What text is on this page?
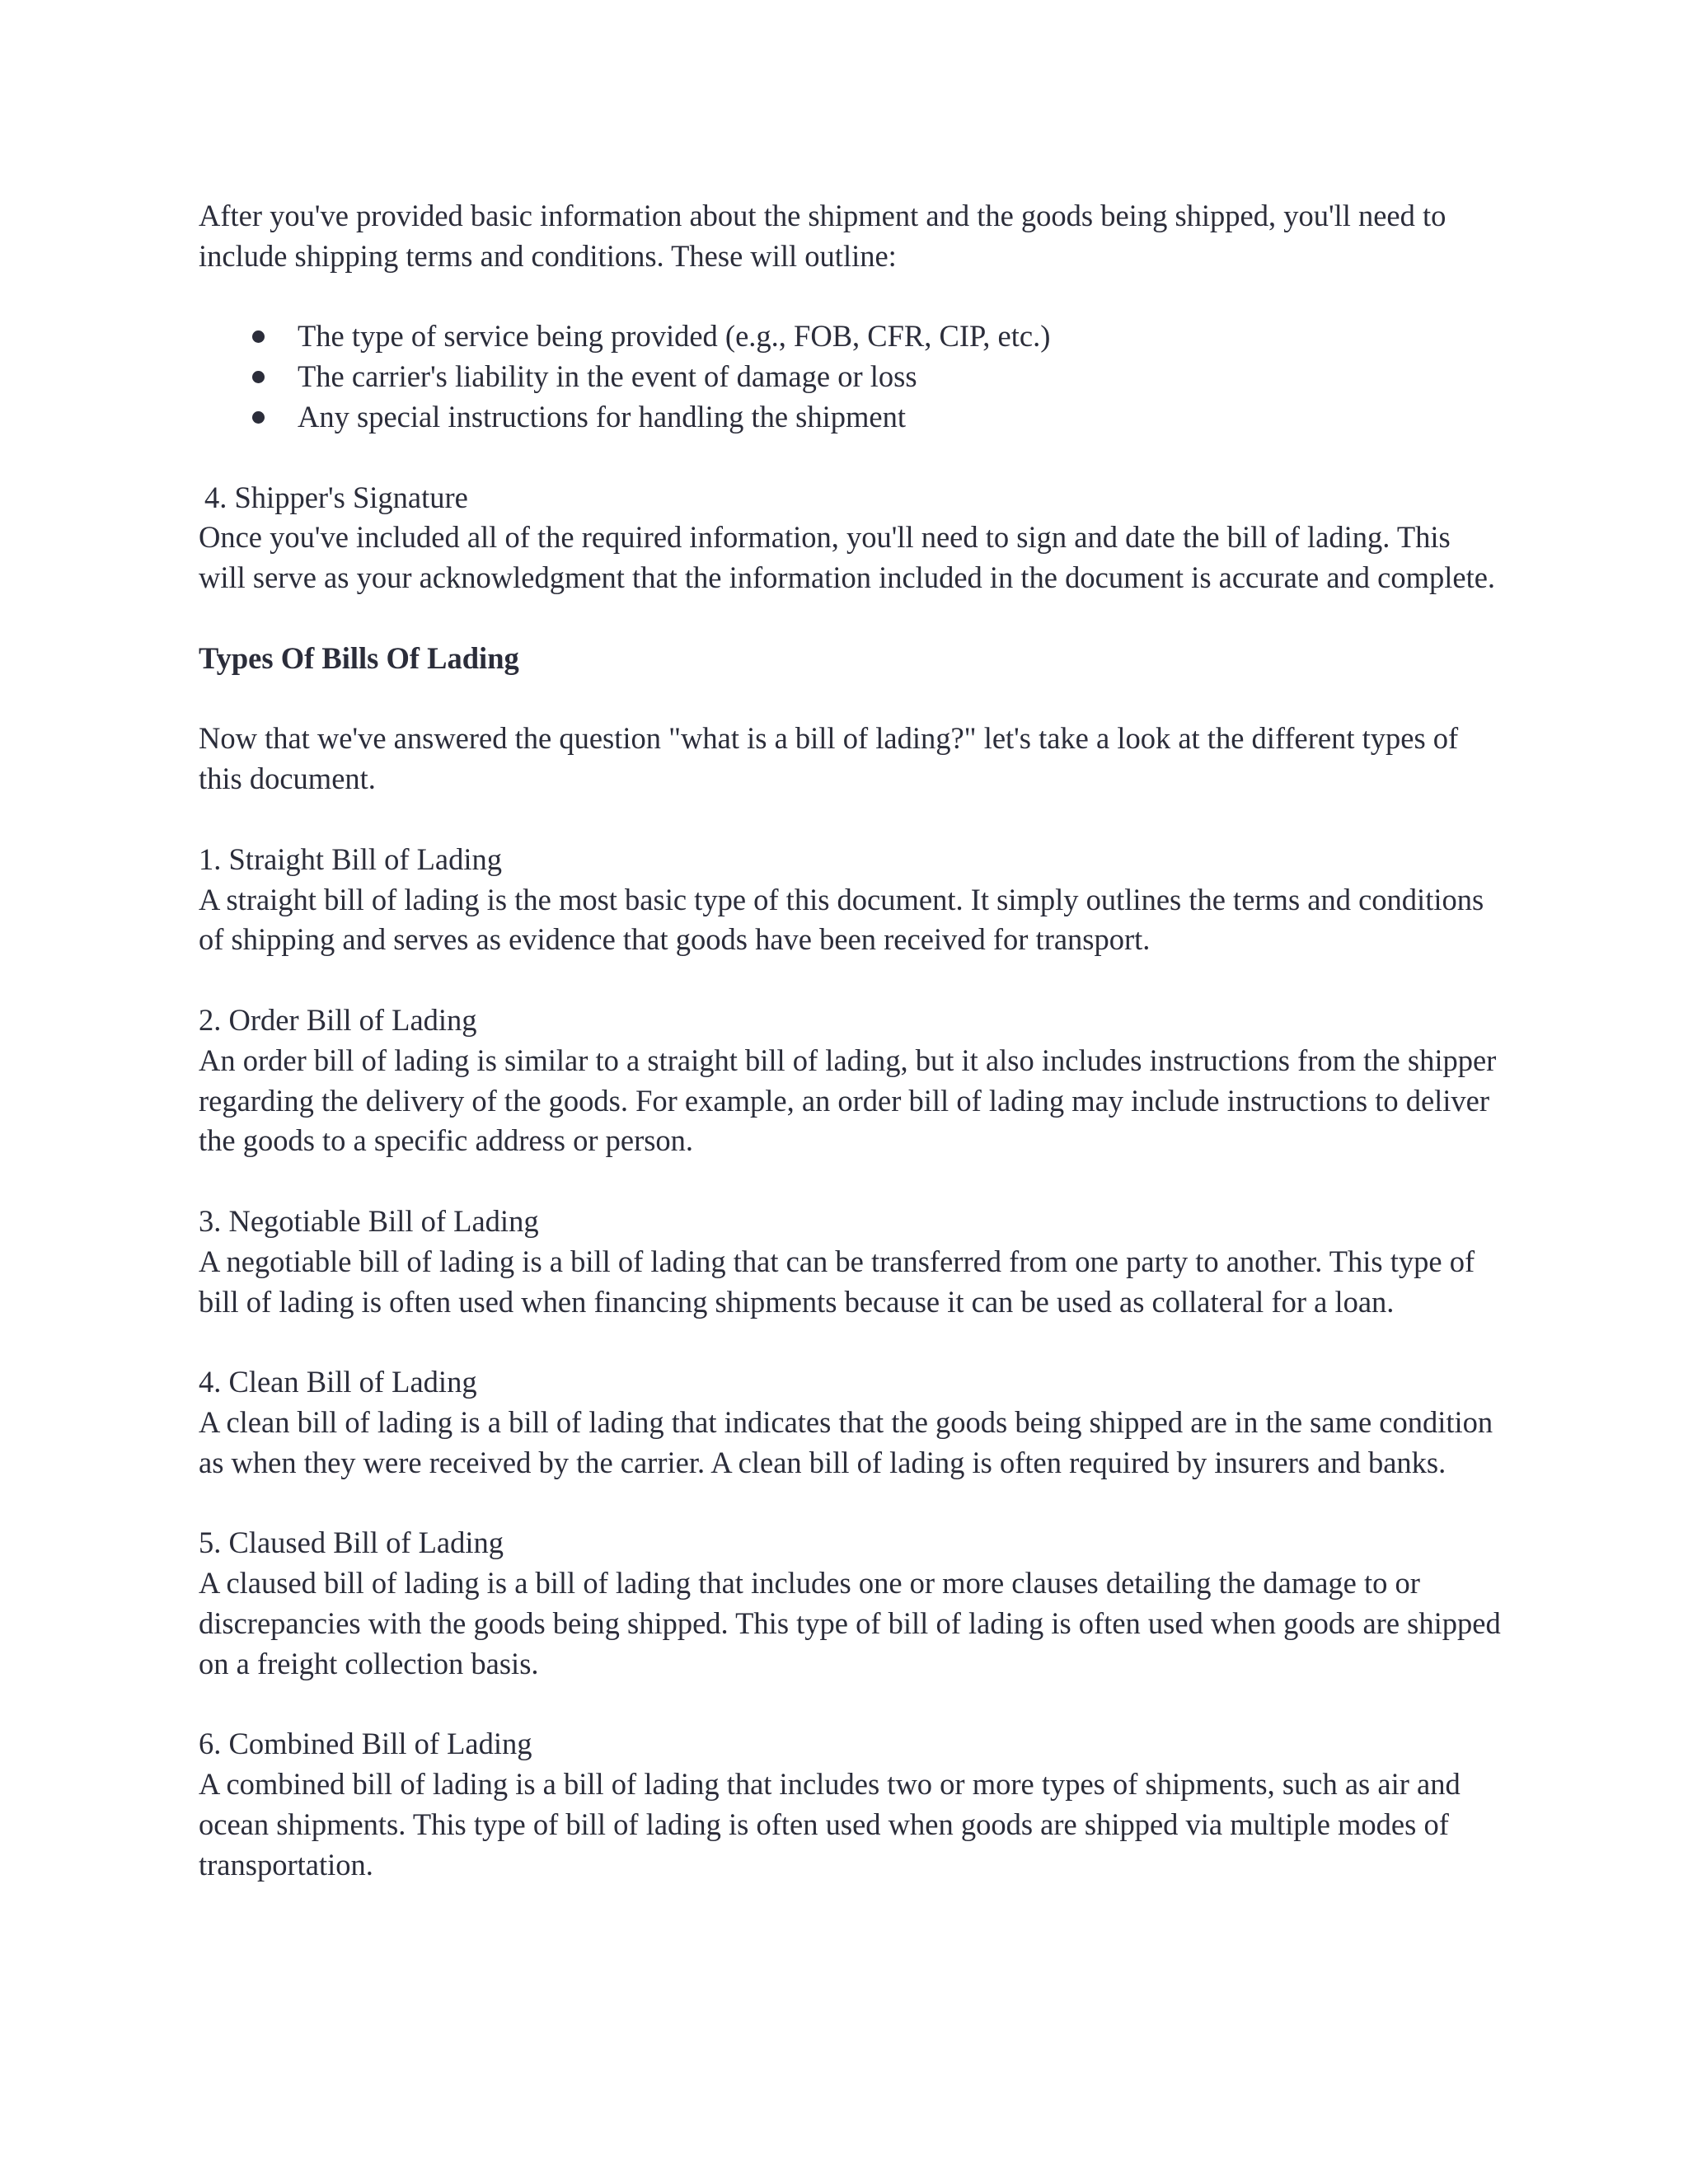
After you've provided basic information about the shipment and the goods being shipped, you'll need to include shipping terms and conditions. These will outline:

The type of service being provided (e.g., FOB, CFR, CIP, etc.)
The carrier's liability in the event of damage or loss
Any special instructions for handling the shipment
4. Shipper's Signature
Once you've included all of the required information, you'll need to sign and date the bill of lading. This will serve as your acknowledgment that the information included in the document is accurate and complete.

Types Of Bills Of Lading

Now that we've answered the question "what is a bill of lading?" let's take a look at the different types of this document.

1. Straight Bill of Lading
A straight bill of lading is the most basic type of this document. It simply outlines the terms and conditions of shipping and serves as evidence that goods have been received for transport.
2. Order Bill of Lading
An order bill of lading is similar to a straight bill of lading, but it also includes instructions from the shipper regarding the delivery of the goods. For example, an order bill of lading may include instructions to deliver the goods to a specific address or person.
3. Negotiable Bill of Lading
A negotiable bill of lading is a bill of lading that can be transferred from one party to another. This type of bill of lading is often used when financing shipments because it can be used as collateral for a loan.
4. Clean Bill of Lading
A clean bill of lading is a bill of lading that indicates that the goods being shipped are in the same condition as when they were received by the carrier. A clean bill of lading is often required by insurers and banks.
5. Claused Bill of Lading
A claused bill of lading is a bill of lading that includes one or more clauses detailing the damage to or discrepancies with the goods being shipped. This type of bill of lading is often used when goods are shipped on a freight collection basis.
6. Combined Bill of Lading
A combined bill of lading is a bill of lading that includes two or more types of shipments, such as air and ocean shipments. This type of bill of lading is often used when goods are shipped via multiple modes of transportation.
